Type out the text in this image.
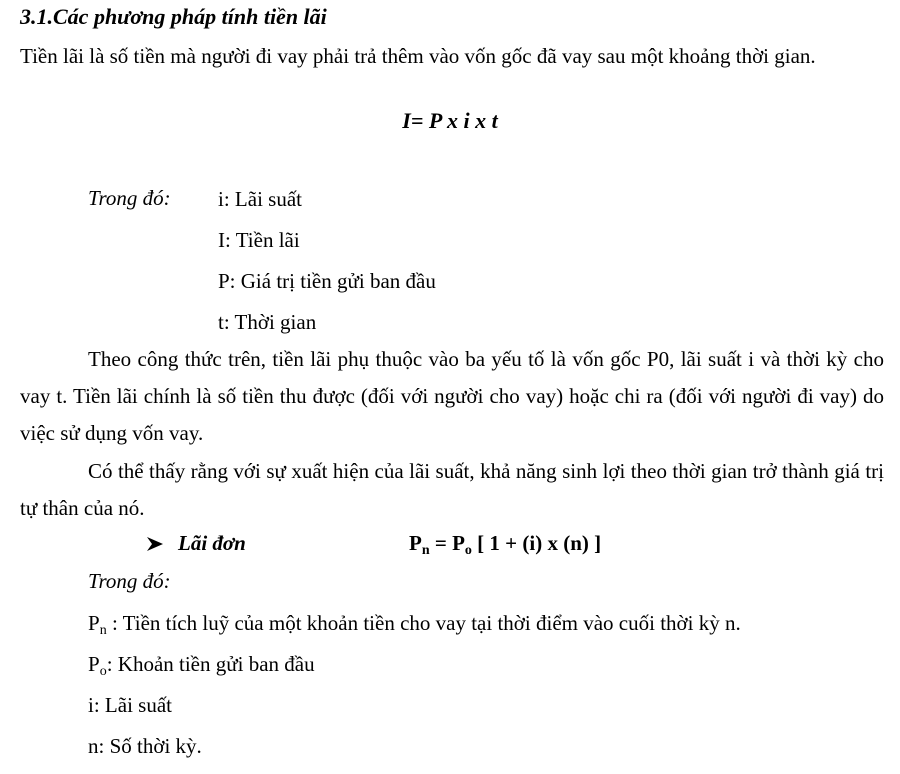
3.1.Các phương pháp tính tiền lãi

Tiền lãi là số tiền mà người đi vay phải trả thêm vào vốn gốc đã vay sau một khoảng thời gian.

I= P x i x t
Trong đó: i: Lãi suất
I: Tiền lãi
P: Giá trị tiền gửi ban đầu
t: Thời gian

Theo công thức trên, tiền lãi phụ thuộc vào ba yếu tố là vốn gốc P0, lãi suất i và thời kỳ cho vay t. Tiền lãi chính là số tiền thu được (đối với người cho vay) hoặc chi ra (đối với người đi vay) do việc sử dụng vốn vay.

Có thể thấy rằng với sự xuất hiện của lãi suất, khả năng sinh lợi theo thời gian trở thành giá trị tự thân của nó.

Lãi đơn	$P_n = P_o$ [ 1 + (i) x (n) ]
Trong đó:
$P_n$ : Tiền tích luỹ của một khoản tiền cho vay tại thời điểm vào cuối thời kỳ n.
$P_o$: Khoản tiền gửi ban đầu
i: Lãi suất
n: Số thời kỳ.
